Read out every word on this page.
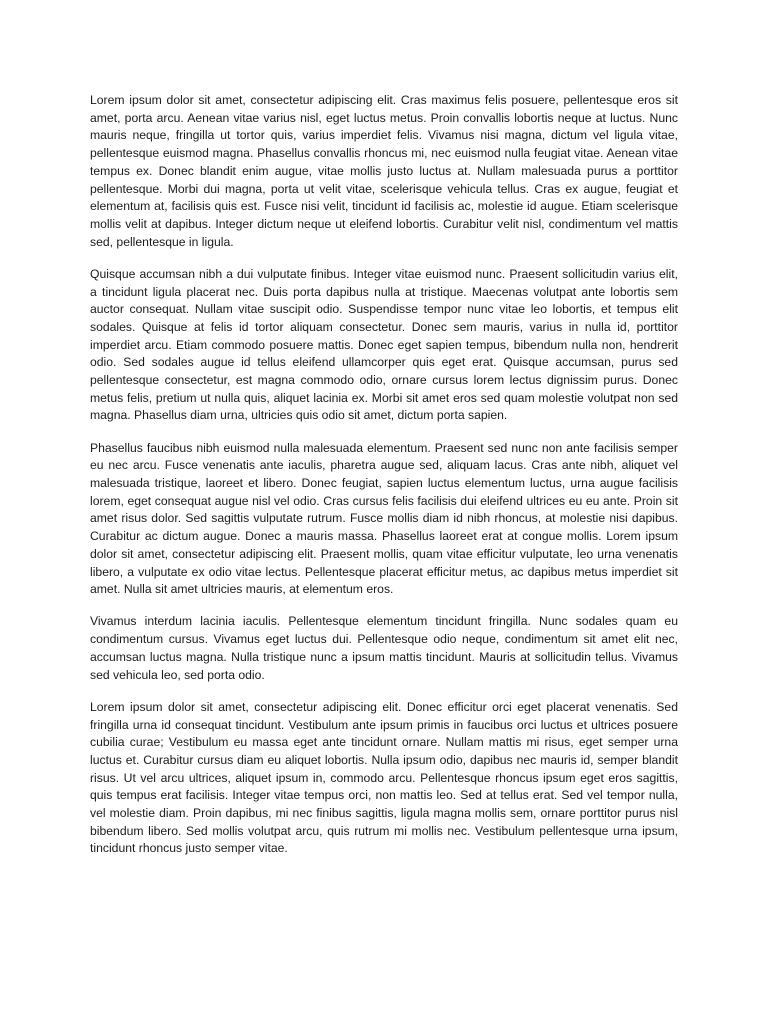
Lorem ipsum dolor sit amet, consectetur adipiscing elit. Cras maximus felis posuere, pellentesque eros sit amet, porta arcu. Aenean vitae varius nisl, eget luctus metus. Proin convallis lobortis neque at luctus. Nunc mauris neque, fringilla ut tortor quis, varius imperdiet felis. Vivamus nisi magna, dictum vel ligula vitae, pellentesque euismod magna. Phasellus convallis rhoncus mi, nec euismod nulla feugiat vitae. Aenean vitae tempus ex. Donec blandit enim augue, vitae mollis justo luctus at. Nullam malesuada purus a porttitor pellentesque. Morbi dui magna, porta ut velit vitae, scelerisque vehicula tellus. Cras ex augue, feugiat et elementum at, facilisis quis est. Fusce nisi velit, tincidunt id facilisis ac, molestie id augue. Etiam scelerisque mollis velit at dapibus. Integer dictum neque ut eleifend lobortis. Curabitur velit nisl, condimentum vel mattis sed, pellentesque in ligula.

Quisque accumsan nibh a dui vulputate finibus. Integer vitae euismod nunc. Praesent sollicitudin varius elit, a tincidunt ligula placerat nec. Duis porta dapibus nulla at tristique. Maecenas volutpat ante lobortis sem auctor consequat. Nullam vitae suscipit odio. Suspendisse tempor nunc vitae leo lobortis, et tempus elit sodales. Quisque at felis id tortor aliquam consectetur. Donec sem mauris, varius in nulla id, porttitor imperdiet arcu. Etiam commodo posuere mattis. Donec eget sapien tempus, bibendum nulla non, hendrerit odio. Sed sodales augue id tellus eleifend ullamcorper quis eget erat. Quisque accumsan, purus sed pellentesque consectetur, est magna commodo odio, ornare cursus lorem lectus dignissim purus. Donec metus felis, pretium ut nulla quis, aliquet lacinia ex. Morbi sit amet eros sed quam molestie volutpat non sed magna. Phasellus diam urna, ultricies quis odio sit amet, dictum porta sapien.

Phasellus faucibus nibh euismod nulla malesuada elementum. Praesent sed nunc non ante facilisis semper eu nec arcu. Fusce venenatis ante iaculis, pharetra augue sed, aliquam lacus. Cras ante nibh, aliquet vel malesuada tristique, laoreet et libero. Donec feugiat, sapien luctus elementum luctus, urna augue facilisis lorem, eget consequat augue nisl vel odio. Cras cursus felis facilisis dui eleifend ultrices eu eu ante. Proin sit amet risus dolor. Sed sagittis vulputate rutrum. Fusce mollis diam id nibh rhoncus, at molestie nisi dapibus. Curabitur ac dictum augue. Donec a mauris massa. Phasellus laoreet erat at congue mollis. Lorem ipsum dolor sit amet, consectetur adipiscing elit. Praesent mollis, quam vitae efficitur vulputate, leo urna venenatis libero, a vulputate ex odio vitae lectus. Pellentesque placerat efficitur metus, ac dapibus metus imperdiet sit amet. Nulla sit amet ultricies mauris, at elementum eros.

Vivamus interdum lacinia iaculis. Pellentesque elementum tincidunt fringilla. Nunc sodales quam eu condimentum cursus. Vivamus eget luctus dui. Pellentesque odio neque, condimentum sit amet elit nec, accumsan luctus magna. Nulla tristique nunc a ipsum mattis tincidunt. Mauris at sollicitudin tellus. Vivamus sed vehicula leo, sed porta odio.

Lorem ipsum dolor sit amet, consectetur adipiscing elit. Donec efficitur orci eget placerat venenatis. Sed fringilla urna id consequat tincidunt. Vestibulum ante ipsum primis in faucibus orci luctus et ultrices posuere cubilia curae; Vestibulum eu massa eget ante tincidunt ornare. Nullam mattis mi risus, eget semper urna luctus et. Curabitur cursus diam eu aliquet lobortis. Nulla ipsum odio, dapibus nec mauris id, semper blandit risus. Ut vel arcu ultrices, aliquet ipsum in, commodo arcu. Pellentesque rhoncus ipsum eget eros sagittis, quis tempus erat facilisis. Integer vitae tempus orci, non mattis leo. Sed at tellus erat. Sed vel tempor nulla, vel molestie diam. Proin dapibus, mi nec finibus sagittis, ligula magna mollis sem, ornare porttitor purus nisl bibendum libero. Sed mollis volutpat arcu, quis rutrum mi mollis nec. Vestibulum pellentesque urna ipsum, tincidunt rhoncus justo semper vitae.
